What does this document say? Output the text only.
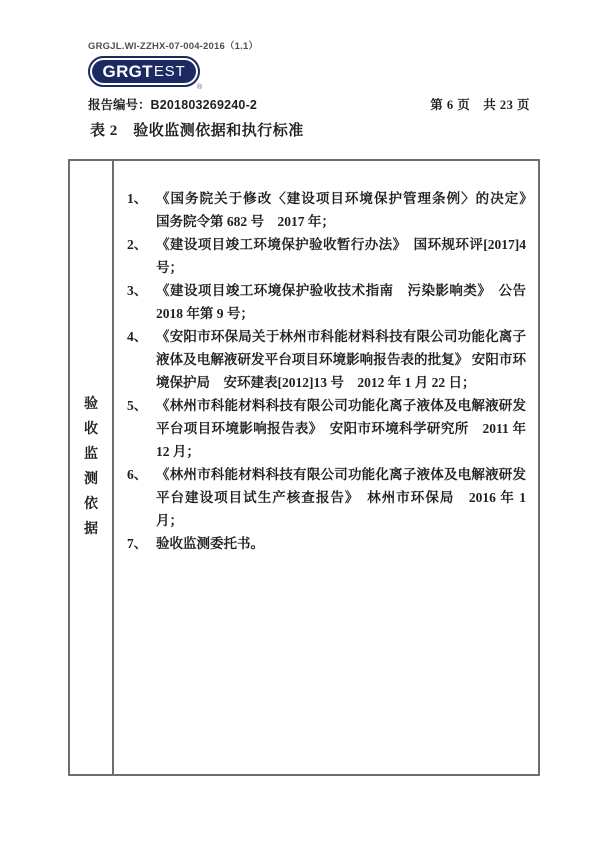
GRGJL.WI-ZZHX-07-004-2016（1.1）
GRGT EST
®
报告编号：B201803269240-2	第 6 页　共 23 页
表 2　验收监测依据和执行标准
验
收
监
测
依
据
1、 《国务院关于修改〈建设项目环境保护管理条例〉的决定》　国务院令第 682 号　2017 年；
2、 《建设项目竣工环境保护验收暂行办法》　国环规环评[2017]4 号；
3、 《建设项目竣工环境保护验收技术指南　污染影响类》　公告 2018 年第 9 号；
4、 《安阳市环保局关于林州市科能材料科技有限公司功能化离子液体及电解液研发平台项目环境影响报告表的批复》 安阳市环境保护局　安环建表[2012]13 号　2012 年 1 月 22 日；
5、 《林州市科能材料科技有限公司功能化离子液体及电解液研发平台项目环境影响报告表》　安阳市环境科学研究所　2011 年 12 月；
6、 《林州市科能材料科技有限公司功能化离子液体及电解液研发平台建设项目试生产核查报告》　林州市环保局　2016 年 1 月；
7、 验收监测委托书。
